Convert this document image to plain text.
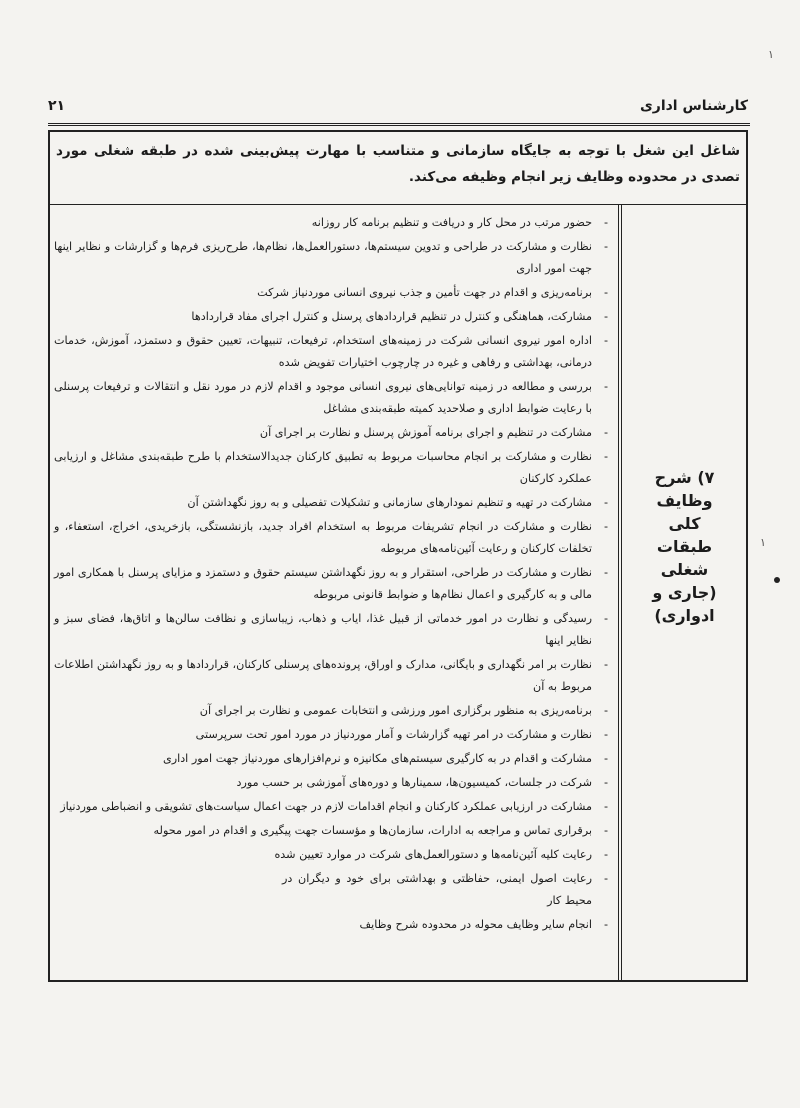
۱
۱
کارشناس اداری
۲۱
شاغل این شغل با توجه به جایگاه سازمانی و متناسب با مهارت پیش‌بینی شده در طبقه شغلی مورد تصدی در محدوده وظایف زیر انجام وظیفه می‌کند.
۷) شرح
وظایف
کلی
طبقات
شغلی
(جاری و
ادواری)
-
حضور مرتب در محل کار و دریافت و تنظیم برنامه کار روزانه
-
نظارت و مشارکت در طراحی و تدوین سیستم‌ها، دستورالعمل‌ها، نظام‌ها، طرح‌ریزی فرم‌ها و گزارشات و نظایر اینها جهت امور اداری
-
برنامه‌ریزی و اقدام در جهت تأمین و جذب نیروی انسانی موردنیاز شرکت
-
مشارکت، هماهنگی و کنترل در تنظیم قراردادهای پرسنل و کنترل اجرای مفاد قراردادها
-
اداره امور نیروی انسانی شرکت در زمینه‌های استخدام، ترفیعات، تنبیهات، تعیین حقوق و دستمزد، آموزش، خدمات درمانی، بهداشتی و رفاهی و غیره در چارچوب اختیارات تفویض شده
-
بررسی و مطالعه در زمینه توانایی‌های نیروی انسانی موجود و اقدام لازم در مورد نقل و انتقالات و ترفیعات پرسنلی با رعایت ضوابط اداری و صلاحدید کمیته طبقه‌بندی مشاغل
-
مشارکت در تنظیم و اجرای برنامه آموزش پرسنل و نظارت بر اجرای آن
-
نظارت و مشارکت بر انجام محاسبات مربوط به تطبیق کارکنان جدیدالاستخدام با طرح طبقه‌بندی مشاغل و ارزیابی عملکرد کارکنان
-
مشارکت در تهیه و تنظیم نمودارهای سازمانی و تشکیلات تفصیلی و به روز نگهداشتن آن
-
نظارت و مشارکت در انجام تشریفات مربوط به استخدام افراد جدید، بازنشستگی، بازخریدی، اخراج، استعفاء، و تخلفات کارکنان و رعایت آئین‌نامه‌های مربوطه
-
نظارت و مشارکت در طراحی، استقرار و به روز نگهداشتن سیستم حقوق و دستمزد و مزایای پرسنل با همکاری امور مالی و به کارگیری و اعمال نظام‌ها و ضوابط قانونی مربوطه
-
رسیدگی و نظارت در امور خدماتی از قبیل غذا، ایاب و ذهاب، زیباسازی و نظافت سالن‌ها و اتاق‌ها، فضای سبز و نظایر اینها
-
نظارت بر امر نگهداری و بایگانی، مدارک و اوراق، پرونده‌های پرسنلی کارکنان، قراردادها و به روز نگهداشتن اطلاعات مربوط به آن
-
برنامه‌ریزی به منظور برگزاری امور ورزشی و انتخابات عمومی و نظارت بر اجرای آن
-
نظارت و مشارکت در امر تهیه گزارشات و آمار موردنیاز در مورد امور تحت سرپرستی
-
مشارکت و اقدام در به کارگیری سیستم‌های مکانیزه و نرم‌افزارهای موردنیاز جهت امور اداری
-
شرکت در جلسات، کمیسیون‌ها، سمینارها و دوره‌های آموزشی بر حسب مورد
-
مشارکت در ارزیابی عملکرد کارکنان و انجام اقدامات لازم در جهت اعمال سیاست‌های تشویقی و انضباطی موردنیاز
-
برقراری تماس و مراجعه به ادارات، سازمان‌ها و مؤسسات جهت پیگیری و اقدام در امور محوله
-
رعایت کلیه آئین‌نامه‌ها و دستورالعمل‌های شرکت در موارد تعیین شده
-
رعایت اصول ایمنی، حفاظتی و بهداشتی برای خود و دیگران در محیط کار
-
انجام سایر وظایف محوله در محدوده شرح وظایف
